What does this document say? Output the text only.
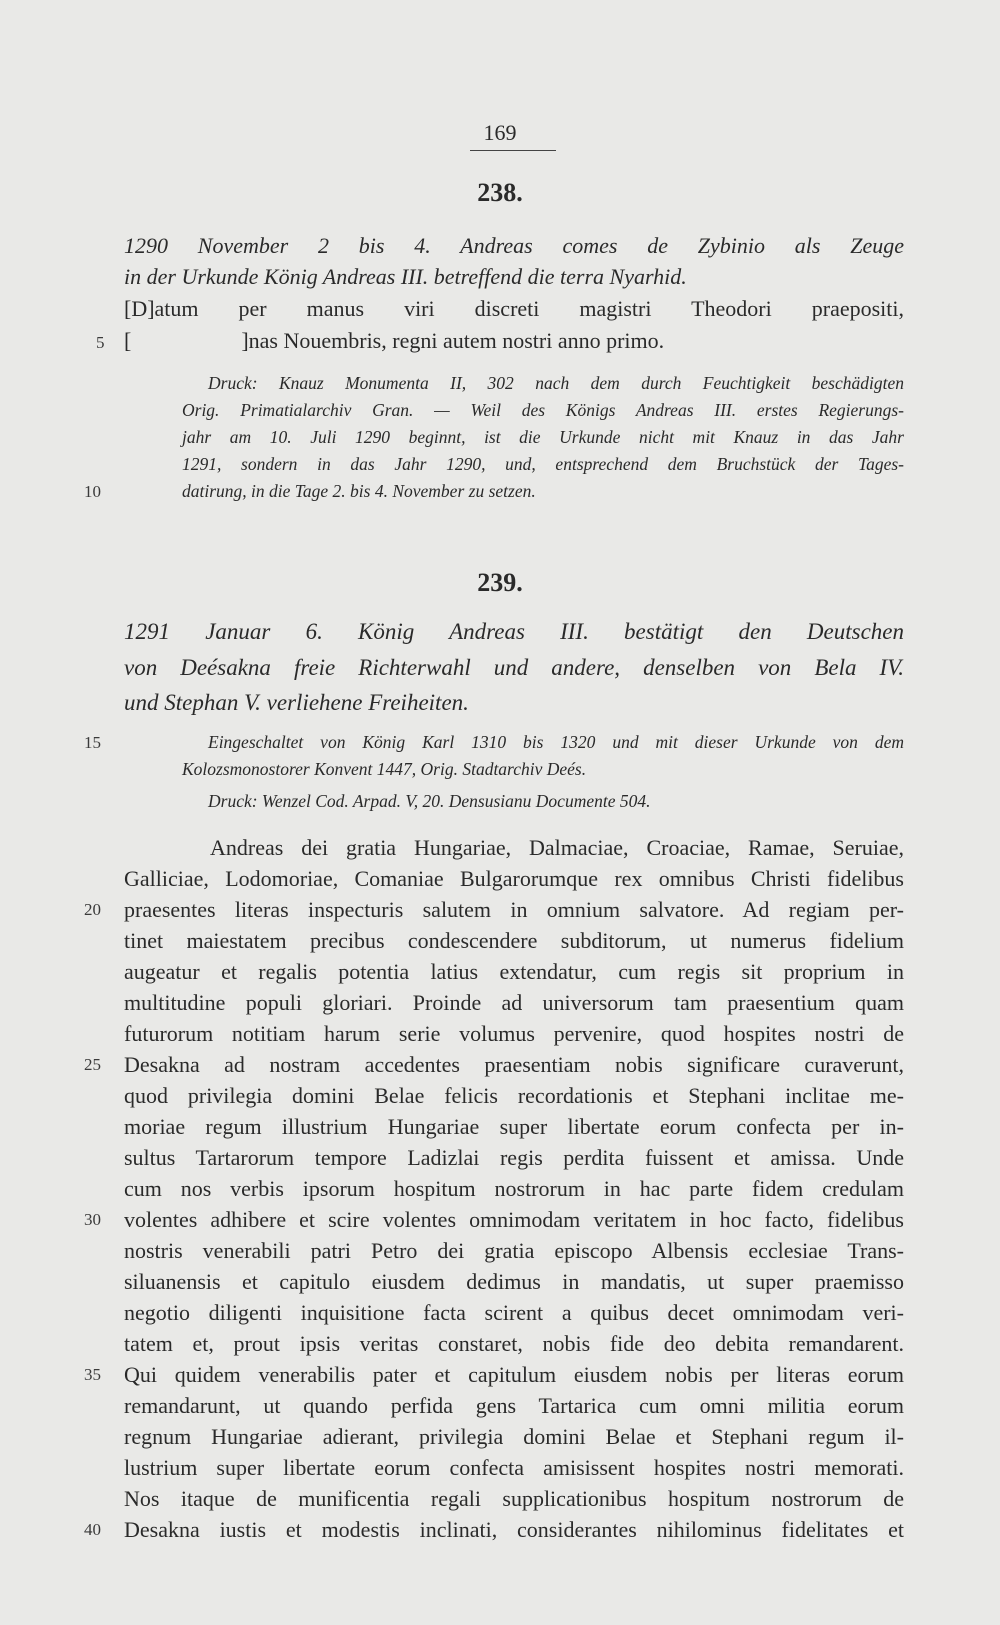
169
238.
1290 November 2 bis 4. Andreas comes de Zybinio als Zeuge
in der Urkunde König Andreas III. betreffend die terra Nyarhid.
[D]atum per manus viri discreti magistri Theodori praepositi,
[                    ]nas Nouembris, regni autem nostri anno primo.
Druck: Knauz Monumenta II, 302 nach dem durch Feuchtigkeit beschädigten
Orig. Primatialarchiv Gran. — Weil des Königs Andreas III. erstes Regierungs-
jahr am 10. Juli 1290 beginnt, ist die Urkunde nicht mit Knauz in das Jahr
1291, sondern in das Jahr 1290, und, entsprechend dem Bruchstück der Tages-
datirung, in die Tage 2. bis 4. November zu setzen.
239.
1291 Januar 6. König Andreas III. bestätigt den Deutschen
von Deésakna freie Richterwahl und andere, denselben von Bela IV.
und Stephan V. verliehene Freiheiten.
Eingeschaltet von König Karl 1310 bis 1320 und mit dieser Urkunde von dem
Kolozsmonostorer Konvent 1447, Orig. Stadtarchiv Deés.
Druck: Wenzel Cod. Arpad. V, 20. Densusianu Documente 504.
Andreas dei gratia Hungariae, Dalmaciae, Croaciae, Ramae, Seruiae,
Galliciae, Lodomoriae, Comaniae Bulgarorumque rex omnibus Christi fidelibus
praesentes literas inspecturis salutem in omnium salvatore. Ad regiam per-
tinet maiestatem precibus condescendere subditorum, ut numerus fidelium
augeatur et regalis potentia latius extendatur, cum regis sit proprium in
multitudine populi gloriari. Proinde ad universorum tam praesentium quam
futurorum notitiam harum serie volumus pervenire, quod hospites nostri de
Desakna ad nostram accedentes praesentiam nobis significare curaverunt,
quod privilegia domini Belae felicis recordationis et Stephani inclitae me-
moriae regum illustrium Hungariae super libertate eorum confecta per in-
sultus Tartarorum tempore Ladizlai regis perdita fuissent et amissa. Unde
cum nos verbis ipsorum hospitum nostrorum in hac parte fidem credulam
volentes adhibere et scire volentes omnimodam veritatem in hoc facto, fidelibus
nostris venerabili patri Petro dei gratia episcopo Albensis ecclesiae Trans-
siluanensis et capitulo eiusdem dedimus in mandatis, ut super praemisso
negotio diligenti inquisitione facta scirent a quibus decet omnimodam veri-
tatem et, prout ipsis veritas constaret, nobis fide deo debita remandarent.
Qui quidem venerabilis pater et capitulum eiusdem nobis per literas eorum
remandarunt, ut quando perfida gens Tartarica cum omni militia eorum
regnum Hungariae adierant, privilegia domini Belae et Stephani regum il-
lustrium super libertate eorum confecta amisissent hospites nostri memorati.
Nos itaque de munificentia regali supplicationibus hospitum nostrorum de
Desakna iustis et modestis inclinati, considerantes nihilominus fidelitates et
5
10
15
20
25
30
35
40
